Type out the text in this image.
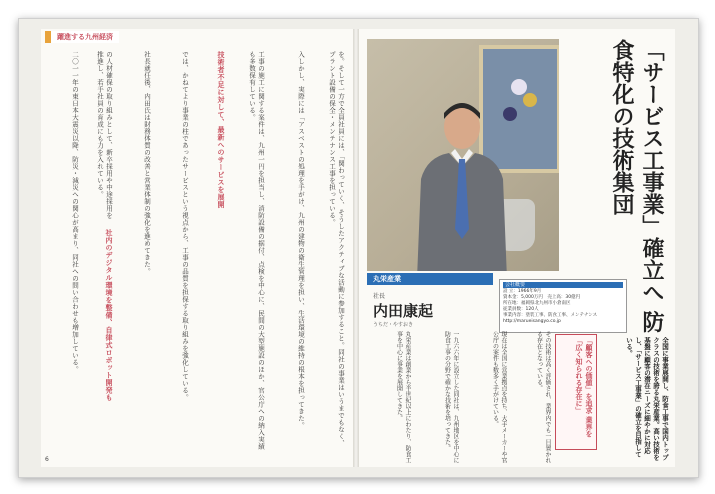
躍進する九州経済
を。そして一方で全員社員には、「関わっていく、そうしたアクティブな活動に参加すること。同社の事業はいうまでもなく、プラント設備の保全・メンテナンス工事を担っている。
入しかし、実際には「アスベストの処理を手がけ、九州の建物の衛生管理を担い、生活環境の維持の根本を担ってきた。
工事の施工に関する案件は、九州一円を担当し、消防設備の据付、点検を中心に、民間の大型施設のほか、官公庁への納入実績も多数保有している。
技術者不足に対して、最新へのサービスを展開
では、かねてより事業の柱であったサービスという視点から、工事の品質を担保する取り組みを強化している。
社長就任後、内田氏は財務体質の改善と営業体制の強化を進めてきた。
社内のデジタル環境を整備、自律式ロボット開発も
の人材確保の取り組みとして、新卒採用や中途採用を推進し、若手社員の育成にも力を入れている。
二〇一一年の東日本大震災以降、防災・減災への関心が高まり、同社への問い合わせも増加している。
6
「サービス工事業」確立へ 防食特化の技術集団
丸栄産業
社長
内田康起
うちだ・やすおき
会社概要
設 立：1966年9月
資本金：5,000万円　売上高：30億円
所在地：福岡県北九州市小倉南区
従業員数：120人
事業内容：塗装工事、防食工事、メンテナンス
http://marueisangyo.co.jp
丸栄産業は創業から半世紀以上にわたり、防食工事を中心に事業を展開してきた。	一九六六年に設立した同社は、九州地区を中心に防食工事の分野で確かな技術を培ってきた。	現在は全国に営業拠点を持ち、大手メーカーや官公庁の案件も数多く手がけている。	その技術は高く評価され、業界内でも一目置かれる存在となっている。	「顧客への価値」を追求 業界を「広く知られる存在に」	全国に事業展開し、防食工事で国内トップクラスの技術を誇る丸栄産業。高い技術を基盤に顧客の潜在ニーズに細やかに対応し、「サービス工事業」の確立を目指している。
